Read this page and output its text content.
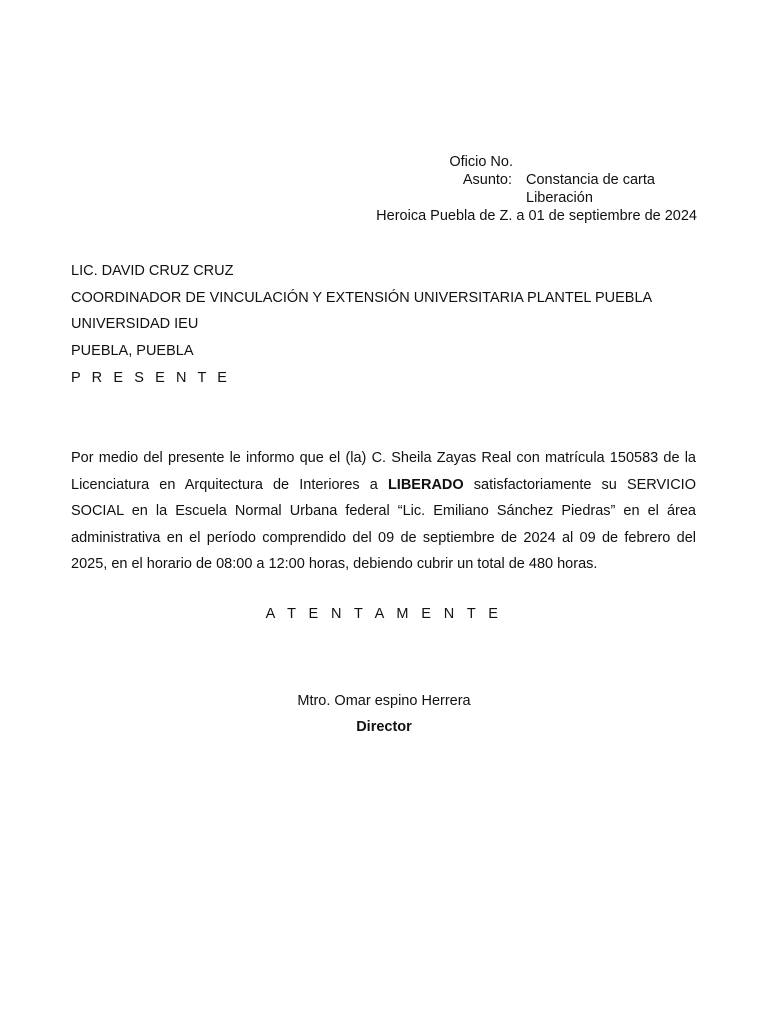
Oficio No.
Asunto: Constancia de carta
Liberación
Heroica Puebla de Z. a 01 de septiembre de 2024
LIC. DAVID CRUZ CRUZ
COORDINADOR DE VINCULACIÓN Y EXTENSIÓN UNIVERSITARIA PLANTEL PUEBLA
UNIVERSIDAD IEU
PUEBLA, PUEBLA
P R E S E N T E

Por medio del presente le informo que el (la) C. Sheila Zayas Real con matrícula 150583 de la Licenciatura en Arquitectura de Interiores a LIBERADO satisfactoriamente su SERVICIO SOCIAL en la Escuela Normal Urbana federal “Lic. Emiliano Sánchez Piedras” en el área administrativa en el período comprendido del 09 de septiembre de 2024 al 09 de febrero del 2025, en el horario de 08:00 a 12:00 horas, debiendo cubrir un total de 480 horas.

A T E N T A M E N T E
Mtro. Omar espino Herrera
Director
